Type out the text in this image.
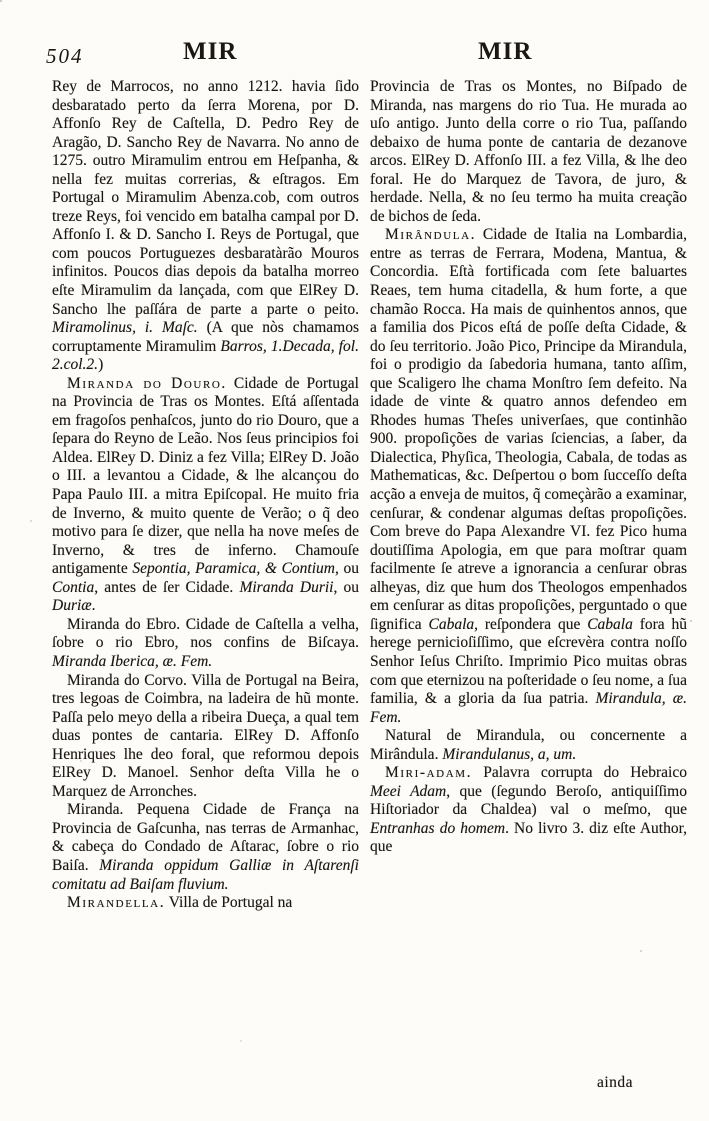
504	MIR	MIR

Rey de Marrocos, no anno 1212. havia ſido desbaratado perto da ſerra Morena, por D. Affonſo Rey de Caſtella, D. Pedro Rey de Aragão, D. Sancho Rey de Navarra. No anno de 1275. outro Miramulim entrou em Heſpanha, & nella fez muitas correrias, & eſtragos. Em Portugal o Miramulim Abenza.cob, com outros treze Reys, foi vencido em batalha campal por D. Affonſo I. & D. Sancho I. Reys de Portugal, que com poucos Portuguezes desbaratàrão Mouros infinitos. Poucos dias depois da batalha morreo eſte Miramulim da lançada, com que ElRey D. Sancho lhe paſſára de parte a parte o peito. Miramolinus, i. Maſc. (A que nòs chamamos corruptamente Miramulim Barros, 1.Decada, fol. 2.col.2.)

Miranda do Douro. Cidade de Portugal na Provincia de Tras os Montes. Eſtá aſſentada em fragoſos penhaſcos, junto do rio Douro, que a ſepara do Reyno de Leão. Nos ſeus principios foi Aldea. ElRey D. Diniz a fez Villa; ElRey D. João o III. a levantou a Cidade, & lhe alcançou do Papa Paulo III. a mitra Epiſcopal. He muito fria de Inverno, & muito quente de Verão; o q̃ deo motivo para ſe dizer, que nella ha nove meſes de Inverno, & tres de inferno. Chamouſe antigamente Sepontia, Paramica, & Contium, ou Contia, antes de ſer Cidade. Miranda Durii, ou Duriæ.

Miranda do Ebro. Cidade de Caſtella a velha, ſobre o rio Ebro, nos confins de Biſcaya. Miranda Iberica, æ. Fem.

Miranda do Corvo. Villa de Portugal na Beira, tres legoas de Coimbra, na ladeira de hũ monte. Paſſa pelo meyo della a ribeira Dueça, a qual tem duas pontes de cantaria. ElRey D. Affonſo Henriques lhe deo foral, que reformou depois ElRey D. Manoel. Senhor deſta Villa he o Marquez de Arronches.

Miranda. Pequena Cidade de França na Provincia de Gaſcunha, nas terras de Armanhac, & cabeça do Condado de Aſtarac, ſobre o rio Baiſa. Miranda oppidum Galliæ in Aſtarenſi comitatu ad Baiſam fluvium.

Mirandella. Villa de Portugal na

Provincia de Tras os Montes, no Biſpado de Miranda, nas margens do rio Tua. He murada ao uſo antigo. Junto della corre o rio Tua, paſſando debaixo de huma ponte de cantaria de dezanove arcos. ElRey D. Affonſo III. a fez Villa, & lhe deo foral. He do Marquez de Tavora, de juro, & herdade. Nella, & no ſeu termo ha muita creação de bichos de ſeda.

Mirândula. Cidade de Italia na Lombardia, entre as terras de Ferrara, Modena, Mantua, & Concordia. Eſtà fortificada com ſete baluartes Reaes, tem huma citadella, & hum forte, a que chamão Rocca. Ha mais de quinhentos annos, que a familia dos Picos eſtá de poſſe deſta Cidade, & do ſeu territorio. João Pico, Principe da Mirandula, foi o prodigio da ſabedoria humana, tanto aſſim, que Scaligero lhe chama Monſtro ſem defeito. Na idade de vinte & quatro annos defendeo em Rhodes humas Theſes univerſaes, que continhão 900. propoſições de varias ſciencias, a ſaber, da Dialectica, Phyſica, Theologia, Cabala, de todas as Mathematicas, &c. Deſpertou o bom ſucceſſo deſta acção a enveja de muitos, q̃ começàrão a examinar, cenſurar, & condenar algumas deſtas propoſições. Com breve do Papa Alexandre VI. fez Pico huma doutiſſima Apologia, em que para moſtrar quam facilmente ſe atreve a ignorancia a cenſurar obras alheyas, diz que hum dos Theologos empenhados em cenſurar as ditas propoſições, perguntado o que ſignifica Cabala, reſpondera que Cabala fora hũ herege pernicioſiſſimo, que eſcrevèra contra noſſo Senhor Ieſus Chriſto. Imprimio Pico muitas obras com que eternizou na poſteridade o ſeu nome, a ſua familia, & a gloria da ſua patria. Mirandula, æ. Fem.

Natural de Mirandula, ou concernente a Mirândula. Mirandulanus, a, um.

Miri-adam. Palavra corrupta do Hebraico Meei Adam, que (ſegundo Beroſo, antiquiſſimo Hiſtoriador da Chaldea) val o meſmo, que Entranhas do homem. No livro 3. diz eſte Author, que

ainda
